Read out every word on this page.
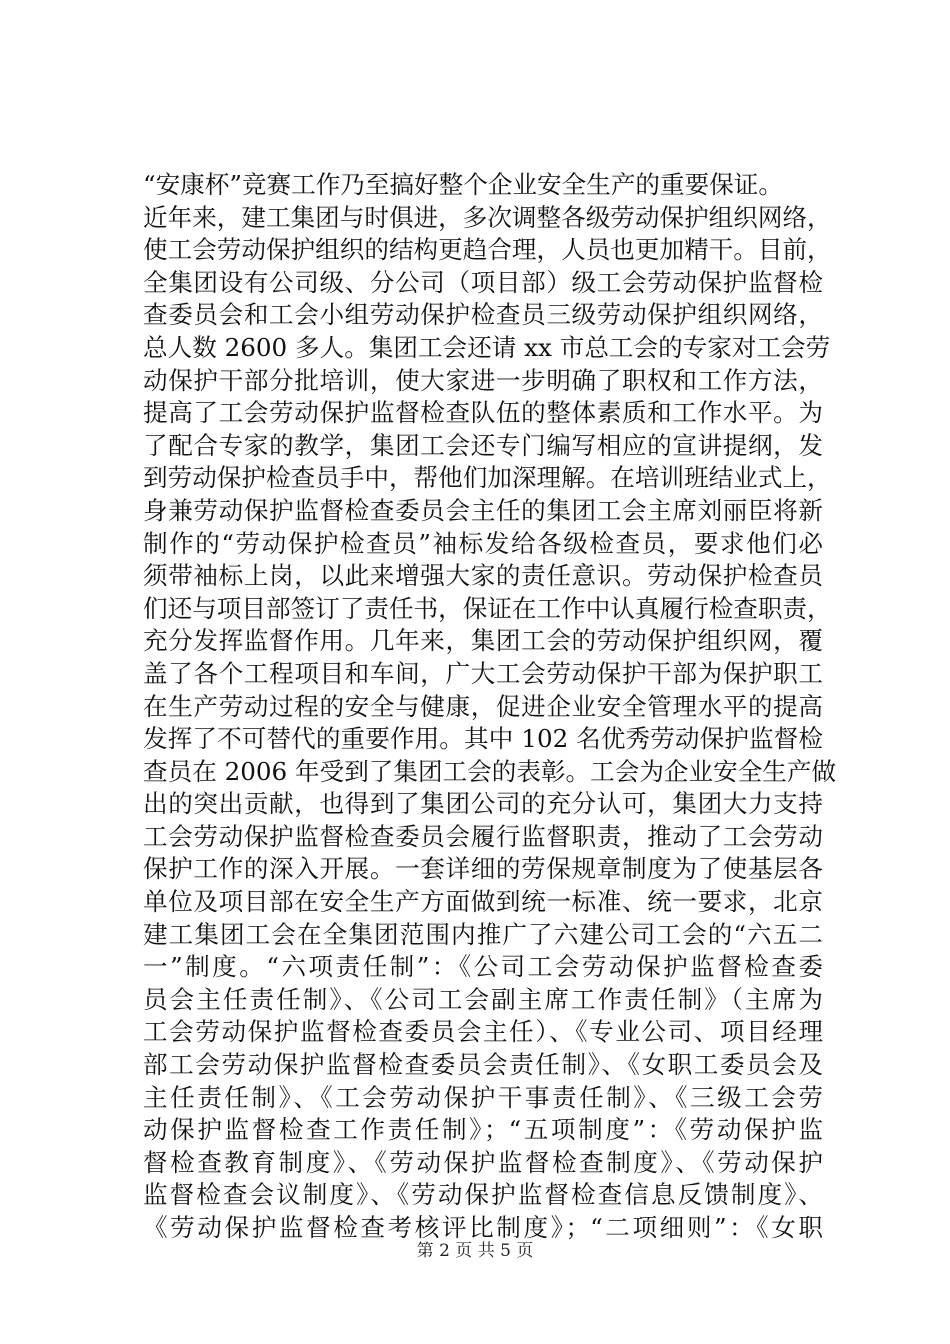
“安康杯”竞赛工作乃至搞好整个企业安全生产的重要保证。
近年来，建工集团与时俱进，多次调整各级劳动保护组织网络，
使工会劳动保护组织的结构更趋合理，人员也更加精干。目前，
全集团设有公司级、分公司（项目部）级工会劳动保护监督检
查委员会和工会小组劳动保护检查员三级劳动保护组织网络，
总人数 2600 多人。集团工会还请 xx 市总工会的专家对工会劳
动保护干部分批培训，使大家进一步明确了职权和工作方法，
提高了工会劳动保护监督检查队伍的整体素质和工作水平。为
了配合专家的教学，集团工会还专门编写相应的宣讲提纲，发
到劳动保护检查员手中，帮他们加深理解。在培训班结业式上，
身兼劳动保护监督检查委员会主任的集团工会主席刘丽臣将新
制作的“劳动保护检查员”袖标发给各级检查员，要求他们必
须带袖标上岗，以此来增强大家的责任意识。劳动保护检查员
们还与项目部签订了责任书，保证在工作中认真履行检查职责，
充分发挥监督作用。几年来，集团工会的劳动保护组织网，覆
盖了各个工程项目和车间，广大工会劳动保护干部为保护职工
在生产劳动过程的安全与健康，促进企业安全管理水平的提高
发挥了不可替代的重要作用。其中 102 名优秀劳动保护监督检
查员在 2006 年受到了集团工会的表彰。工会为企业安全生产做
出的突出贡献，也得到了集团公司的充分认可，集团大力支持
工会劳动保护监督检查委员会履行监督职责，推动了工会劳动
保护工作的深入开展。一套详细的劳保规章制度为了使基层各
单位及项目部在安全生产方面做到统一标准、统一要求，北京
建工集团工会在全集团范围内推广了六建公司工会的“六五二
一”制度。“六项责任制”：《公司工会劳动保护监督检查委
员会主任责任制》、《公司工会副主席工作责任制》（主席为
工会劳动保护监督检查委员会主任）、《专业公司、项目经理
部工会劳动保护监督检查委员会责任制》、《女职工委员会及
主任责任制》、《工会劳动保护干事责任制》、《三级工会劳
动保护监督检查工作责任制》；“五项制度”：《劳动保护监
督检查教育制度》、《劳动保护监督检查制度》、《劳动保护
监督检查会议制度》、《劳动保护监督检查信息反馈制度》、
《劳动保护监督检查考核评比制度》；“二项细则”：《女职
第 2 页 共 5 页
